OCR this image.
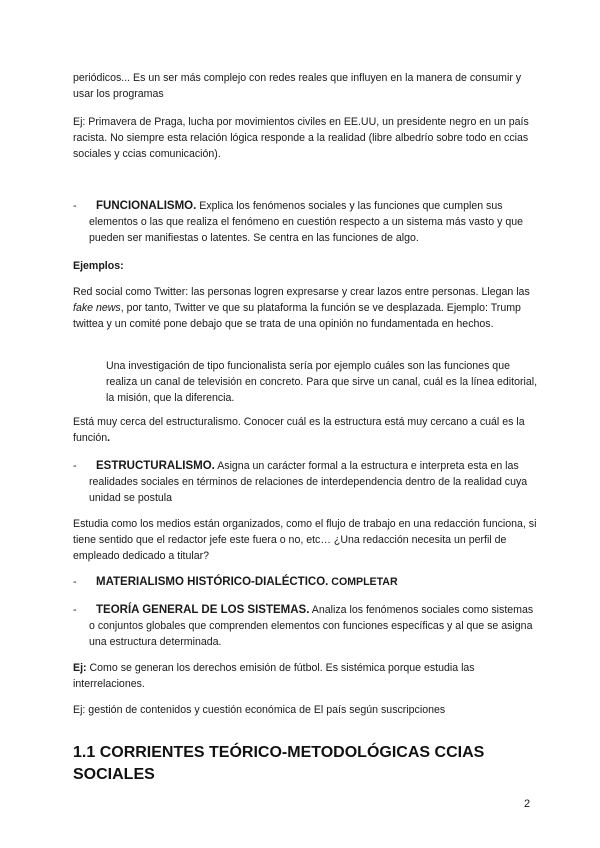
periódicos... Es un ser más complejo con redes reales que influyen en la manera de consumir y usar los programas

Ej: Primavera de Praga, lucha por movimientos civiles en EE.UU, un presidente negro en un país racista. No siempre esta relación lógica responde a la realidad (libre albedrío sobre todo en ccias sociales y ccias comunicación).

-	FUNCIONALISMO. Explica los fenómenos sociales y las funciones que cumplen sus elementos o las que realiza el fenómeno en cuestión respecto a un sistema más vasto y que pueden ser manifiestas o latentes. Se centra en las funciones de algo.

Ejemplos:

Red social como Twitter: las personas logren expresarse y crear lazos entre personas. Llegan las fake news, por tanto, Twitter ve que su plataforma la función se ve desplazada. Ejemplo: Trump twittea y un comité pone debajo que se trata de una opinión no fundamentada en hechos.

Una investigación de tipo funcionalista sería por ejemplo cuáles son las funciones que realiza un canal de televisión en concreto. Para que sirve un canal, cuál es la línea editorial, la misión, que la diferencia.

Está muy cerca del estructuralismo. Conocer cuál es la estructura está muy cercano a cuál es la función.

-	ESTRUCTURALISMO. Asigna un carácter formal a la estructura e interpreta esta en las realidades sociales en términos de relaciones de interdependencia dentro de la realidad cuya unidad se postula

Estudia como los medios están organizados, como el flujo de trabajo en una redacción funciona, si tiene sentido que el redactor jefe este fuera o no, etc… ¿Una redacción necesita un perfil de empleado dedicado a titular?

-	MATERIALISMO HISTÓRICO-DIALÉCTICO. COMPLETAR

-	TEORÍA GENERAL DE LOS SISTEMAS. Analiza los fenómenos sociales como sistemas o conjuntos globales que comprenden elementos con funciones específicas y al que se asigna una estructura determinada.

Ej: Como se generan los derechos emisión de fútbol. Es sistémica porque estudia las interrelaciones.

Ej: gestión de contenidos y cuestión económica de El país según suscripciones

1.1 CORRIENTES TEÓRICO-METODOLÓGICAS CCIAS SOCIALES

2
